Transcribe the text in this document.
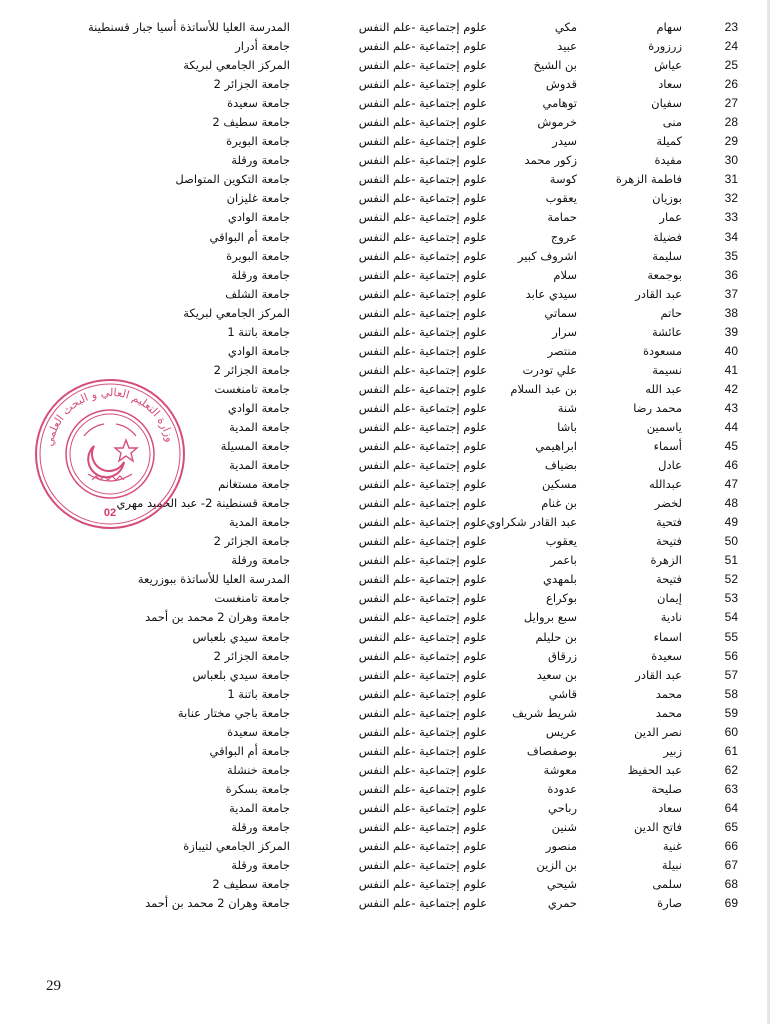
23
سهام
مكي
علوم إجتماعية -علم النفس
المدرسة العليا للأساتذة أسيا جبار قسنطينة
24
زرزورة
عبيد
علوم إجتماعية -علم النفس
جامعة أدرار
25
عياش
بن الشيخ
علوم إجتماعية -علم النفس
المركز الجامعي لبريكة
26
سعاد
قدوش
علوم إجتماعية -علم النفس
جامعة الجزائر 2
27
سفيان
توهامي
علوم إجتماعية -علم النفس
جامعة سعيدة
28
منى
خرموش
علوم إجتماعية -علم النفس
جامعة سطيف 2
29
كميلة
سيدر
علوم إجتماعية -علم النفس
جامعة البويرة
30
مفيدة
زكور محمد
علوم إجتماعية -علم النفس
جامعة ورقلة
31
فاطمة الزهرة
كوسة
علوم إجتماعية -علم النفس
جامعة التكوين المتواصل
32
بوزيان
يعقوب
علوم إجتماعية -علم النفس
جامعة غليزان
33
عمار
حمامة
علوم إجتماعية -علم النفس
جامعة الوادي
34
فضيلة
عروج
علوم إجتماعية -علم النفس
جامعة أم البواقي
35
سليمة
اشروف كبير
علوم إجتماعية -علم النفس
جامعة البويرة
36
بوجمعة
سلام
علوم إجتماعية -علم النفس
جامعة ورقلة
37
عبد القادر
سيدي عابد
علوم إجتماعية -علم النفس
جامعة الشلف
38
حاتم
سماتي
علوم إجتماعية -علم النفس
المركز الجامعي لبريكة
39
عائشة
سرار
علوم إجتماعية -علم النفس
جامعة باتنة 1
40
مسعودة
منتصر
علوم إجتماعية -علم النفس
جامعة الوادي
41
نسيمة
علي تودرت
علوم إجتماعية -علم النفس
جامعة الجزائر 2
42
عبد الله
بن عبد السلام
علوم إجتماعية -علم النفس
جامعة تامنغست
43
محمد رضا
شنة
علوم إجتماعية -علم النفس
جامعة الوادي
44
ياسمين
باشا
علوم إجتماعية -علم النفس
جامعة المدية
45
أسماء
ابراهيمي
علوم إجتماعية -علم النفس
جامعة المسيلة
46
عادل
بضياف
علوم إجتماعية -علم النفس
جامعة المدية
47
عبدالله
مسكين
علوم إجتماعية -علم النفس
جامعة مستغانم
48
لخضر
بن غنام
علوم إجتماعية -علم النفس
جامعة قسنطينة 2- عبد الحميد مهري
49
فتحية
عبد القادر شكراوي
علوم إجتماعية -علم النفس
جامعة المدية
50
فتيحة
يعقوب
علوم إجتماعية -علم النفس
جامعة الجزائر 2
51
الزهرة
باعمر
علوم إجتماعية -علم النفس
جامعة ورقلة
52
فتيحة
بلمهدي
علوم إجتماعية -علم النفس
المدرسة العليا للأساتذة ببوزريعة
53
إيمان
بوكراع
علوم إجتماعية -علم النفس
جامعة تامنغست
54
نادية
سبع بروايل
علوم إجتماعية -علم النفس
جامعة وهران 2 محمد بن أحمد
55
اسماء
بن حليلم
علوم إجتماعية -علم النفس
جامعة سيدي بلعباس
56
سعيدة
زرقاق
علوم إجتماعية -علم النفس
جامعة الجزائر 2
57
عبد القادر
بن سعيد
علوم إجتماعية -علم النفس
جامعة سيدي بلعباس
58
محمد
قاشي
علوم إجتماعية -علم النفس
جامعة باتنة 1
59
محمد
شريط شريف
علوم إجتماعية -علم النفس
جامعة باجي مختار عنابة
60
نصر الدين
عريس
علوم إجتماعية -علم النفس
جامعة سعيدة
61
زبير
بوصفصاف
علوم إجتماعية -علم النفس
جامعة أم البواقي
62
عبد الحفيظ
معوشة
علوم إجتماعية -علم النفس
جامعة خنشلة
63
صليحة
عدودة
علوم إجتماعية -علم النفس
جامعة بسكرة
64
سعاد
رباحي
علوم إجتماعية -علم النفس
جامعة المدية
65
فاتح الدين
شنين
علوم إجتماعية -علم النفس
جامعة ورقلة
66
غنية
منصور
علوم إجتماعية -علم النفس
المركز الجامعي لتيبازة
67
نبيلة
بن الزين
علوم إجتماعية -علم النفس
جامعة ورقلة
68
سلمى
شيحي
علوم إجتماعية -علم النفس
جامعة سطيف 2
69
صارة
حمري
علوم إجتماعية -علم النفس
جامعة وهران 2 محمد بن أحمد
وزارة التعليم العالي و البحث العلمي
02
29
